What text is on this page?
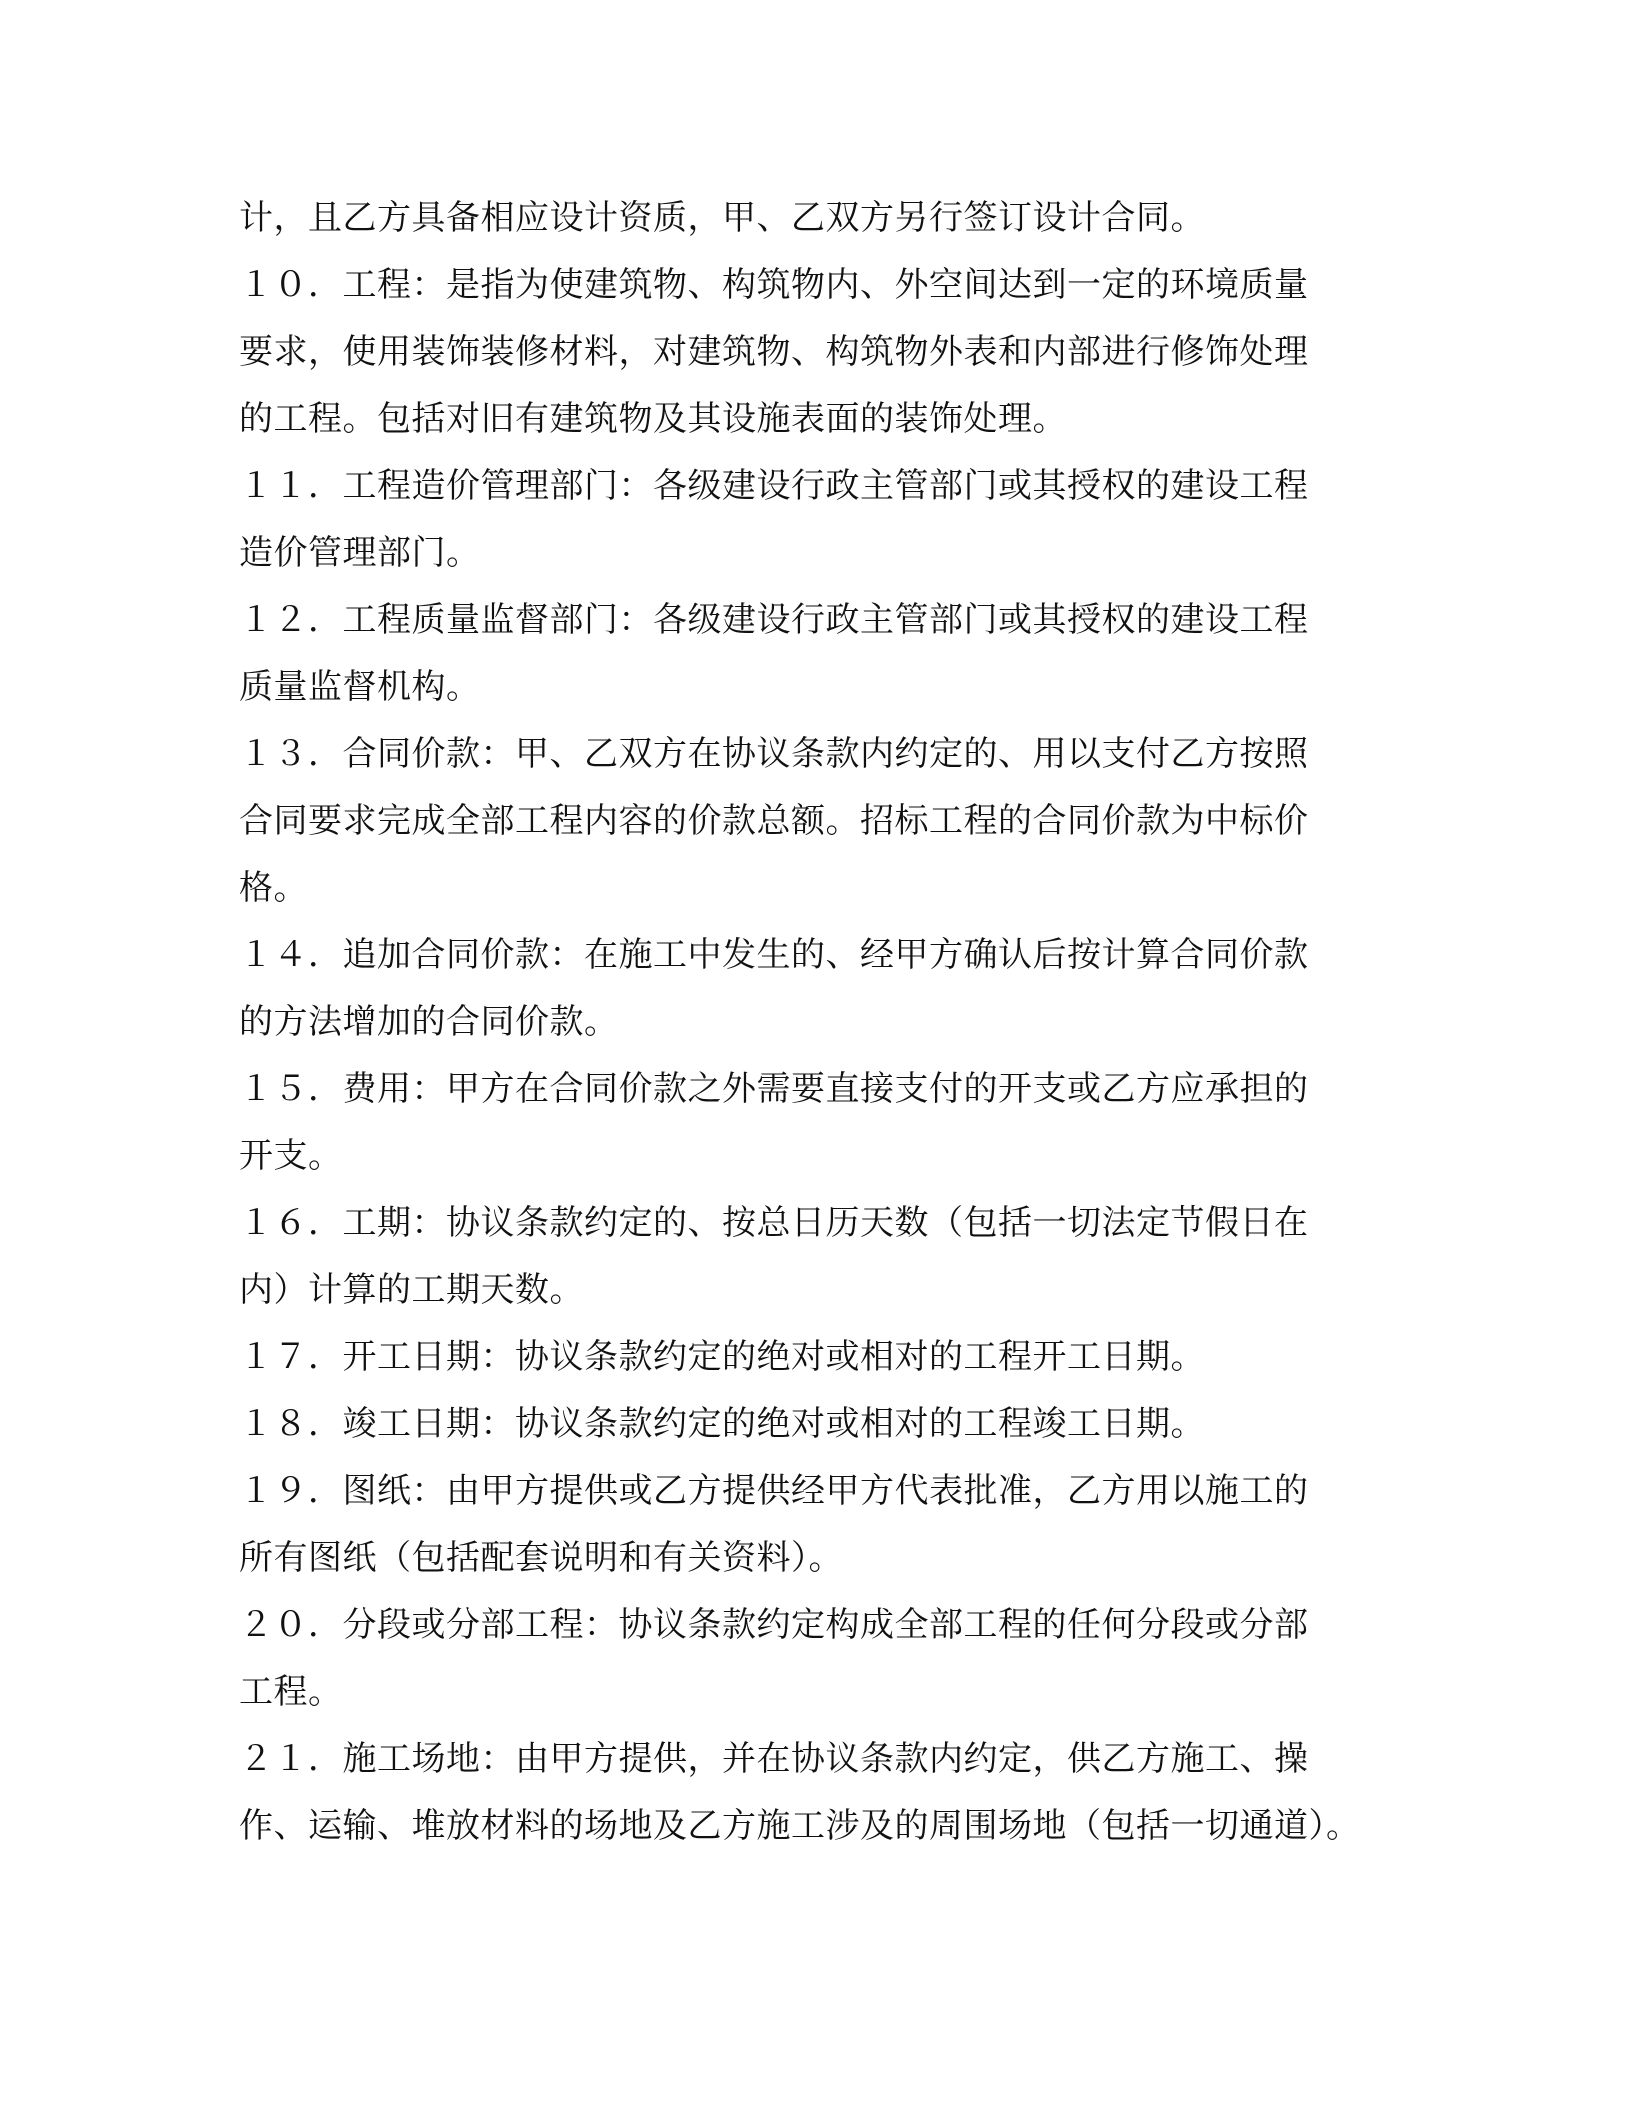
计，且乙方具备相应设计资质，甲、乙双方另行签订设计合同。
１０．工程：是指为使建筑物、构筑物内、外空间达到一定的环境质量
要求，使用装饰装修材料，对建筑物、构筑物外表和内部进行修饰处理
的工程。包括对旧有建筑物及其设施表面的装饰处理。
１１．工程造价管理部门：各级建设行政主管部门或其授权的建设工程
造价管理部门。
１２．工程质量监督部门：各级建设行政主管部门或其授权的建设工程
质量监督机构。
１３．合同价款：甲、乙双方在协议条款内约定的、用以支付乙方按照
合同要求完成全部工程内容的价款总额。招标工程的合同价款为中标价
格。
１４．追加合同价款：在施工中发生的、经甲方确认后按计算合同价款
的方法增加的合同价款。
１５．费用：甲方在合同价款之外需要直接支付的开支或乙方应承担的
开支。
１６．工期：协议条款约定的、按总日历天数（包括一切法定节假日在
内）计算的工期天数。
１７．开工日期：协议条款约定的绝对或相对的工程开工日期。
１８．竣工日期：协议条款约定的绝对或相对的工程竣工日期。
１９．图纸：由甲方提供或乙方提供经甲方代表批准，乙方用以施工的
所有图纸（包括配套说明和有关资料）。
２０．分段或分部工程：协议条款约定构成全部工程的任何分段或分部
工程。
２１．施工场地：由甲方提供，并在协议条款内约定，供乙方施工、操
作、运输、堆放材料的场地及乙方施工涉及的周围场地（包括一切通道）。
